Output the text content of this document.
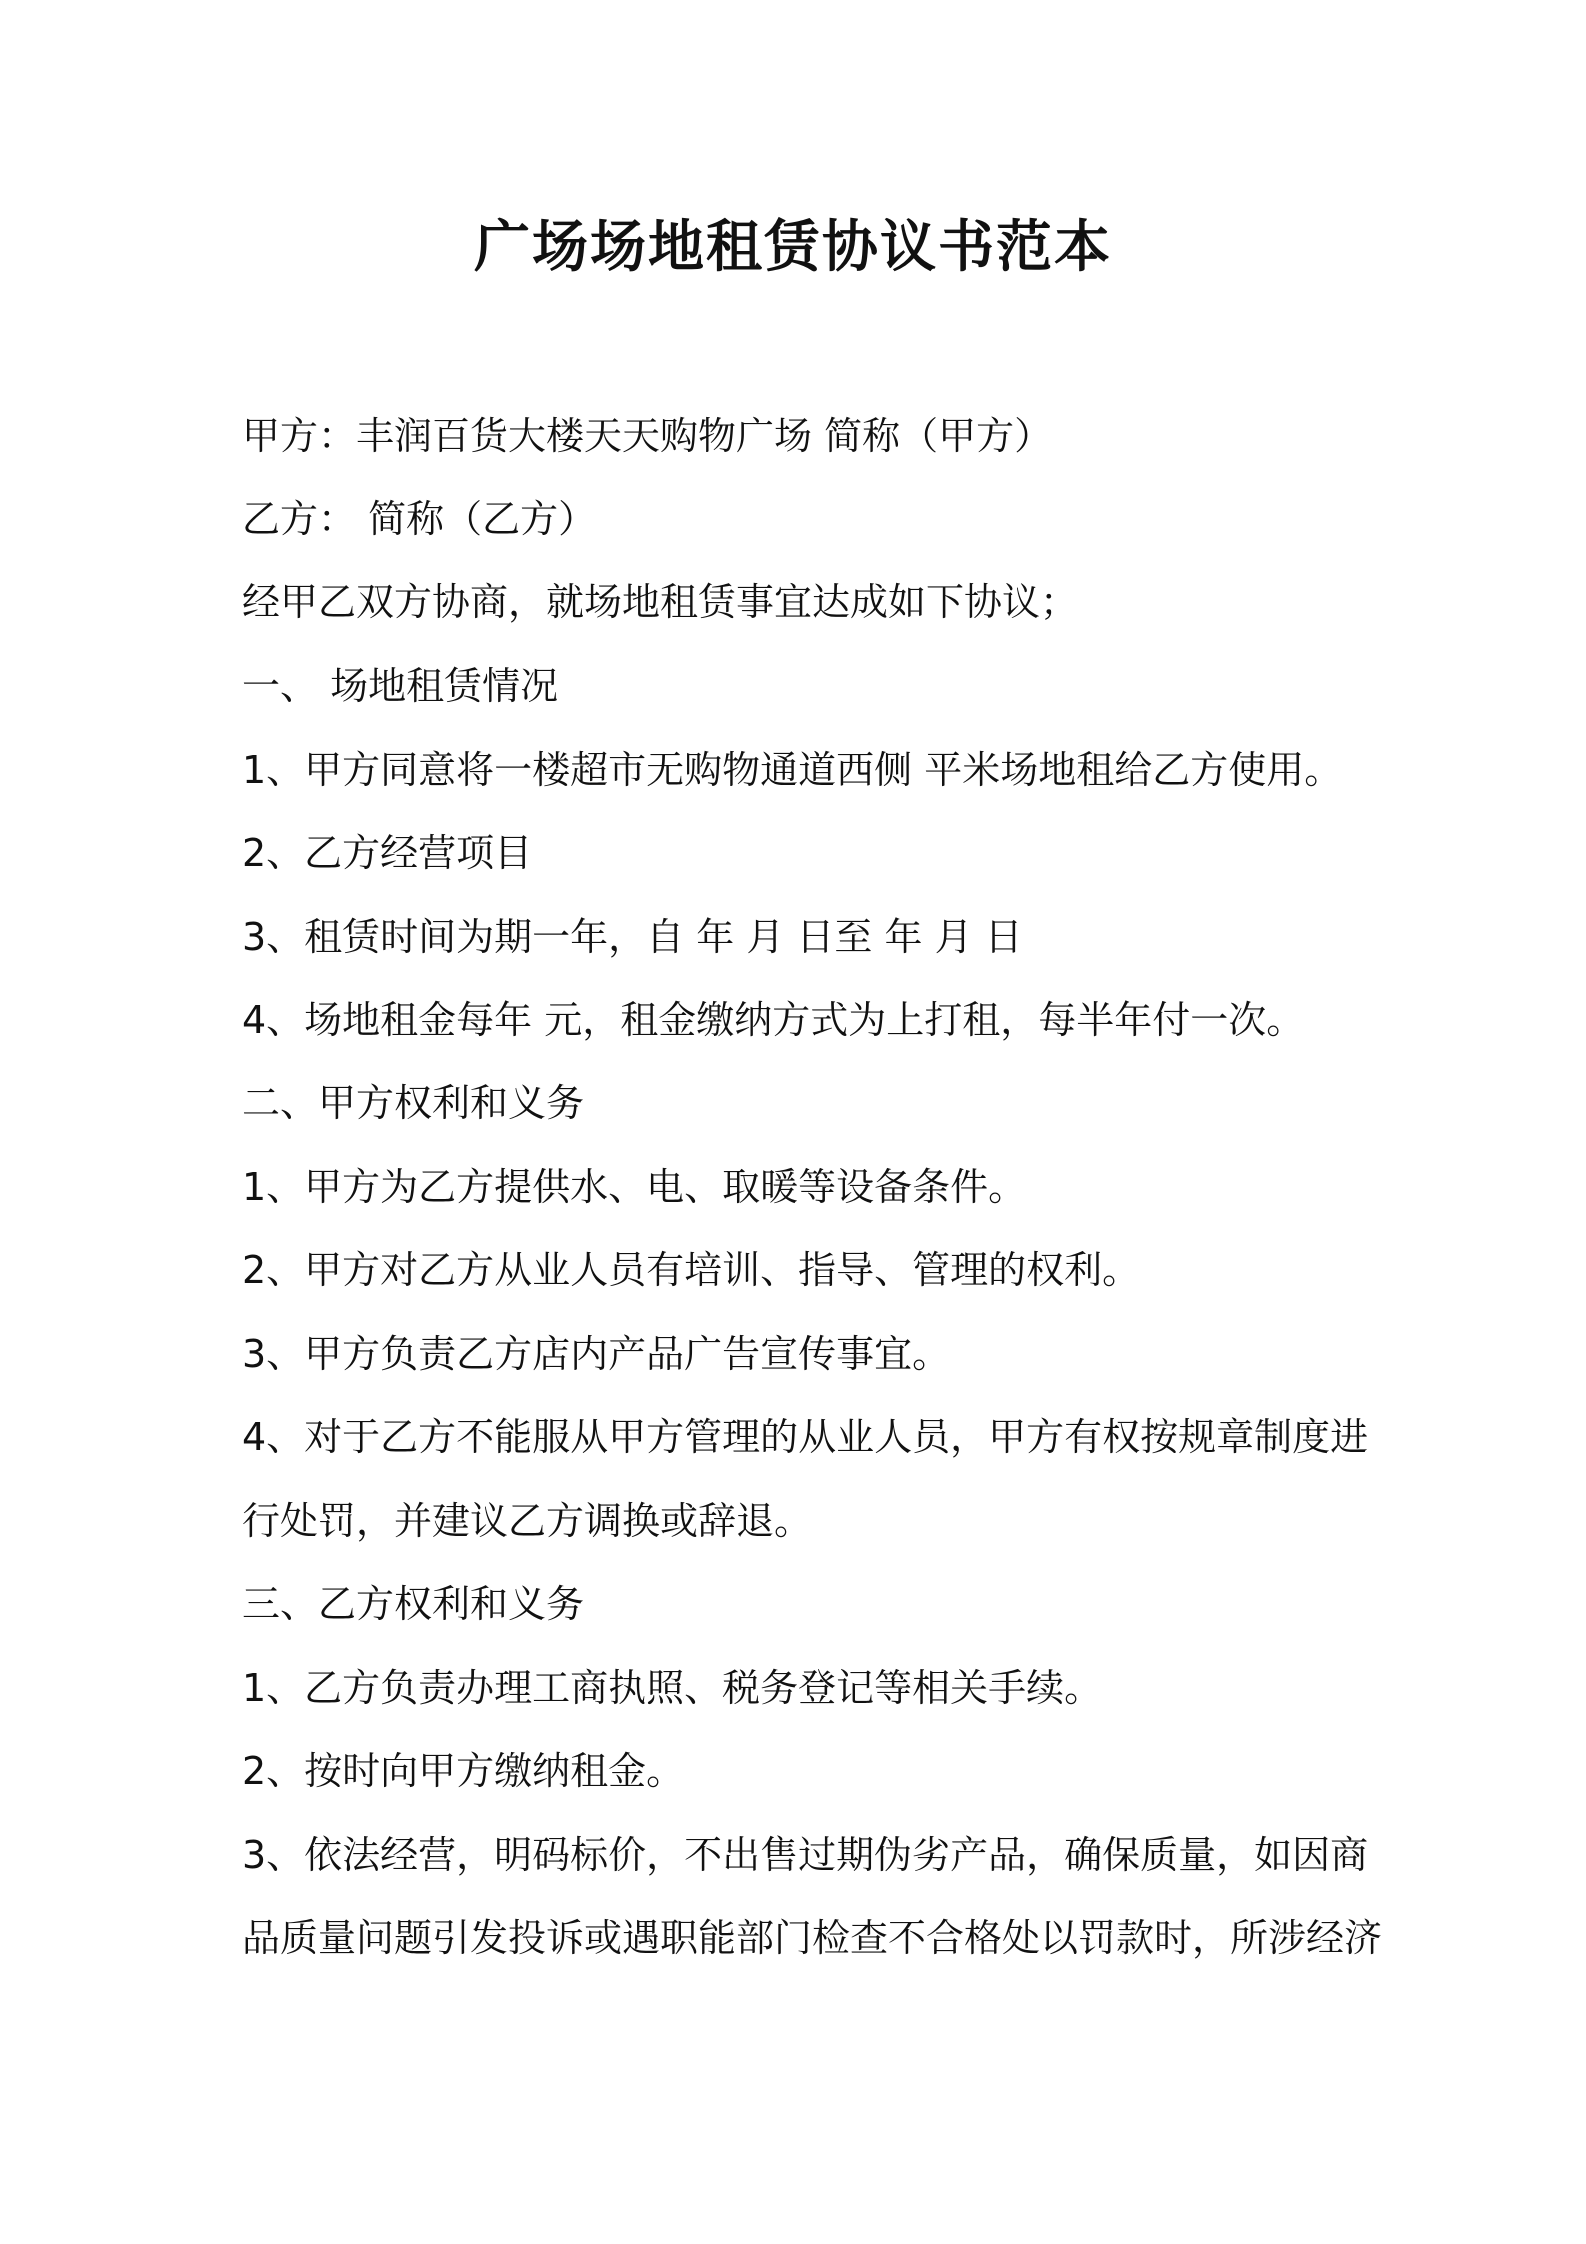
广场场地租赁协议书范本
甲方：丰润百货大楼天天购物广场 简称（甲方）
乙方： 简称（乙方）
经甲乙双方协商，就场地租赁事宜达成如下协议；
一、 场地租赁情况
1、甲方同意将一楼超市无购物通道西侧 平米场地租给乙方使用。
2、乙方经营项目
3、租赁时间为期一年，自 年 月 日至 年 月 日
4、场地租金每年 元，租金缴纳方式为上打租，每半年付一次。
二、甲方权利和义务
1、甲方为乙方提供水、电、取暖等设备条件。
2、甲方对乙方从业人员有培训、指导、管理的权利。
3、甲方负责乙方店内产品广告宣传事宜。
4、对于乙方不能服从甲方管理的从业人员，甲方有权按规章制度进
行处罚，并建议乙方调换或辞退。
三、乙方权利和义务
1、乙方负责办理工商执照、税务登记等相关手续。
2、按时向甲方缴纳租金。
3、依法经营，明码标价，不出售过期伪劣产品，确保质量，如因商
品质量问题引发投诉或遇职能部门检查不合格处以罚款时，所涉经济
